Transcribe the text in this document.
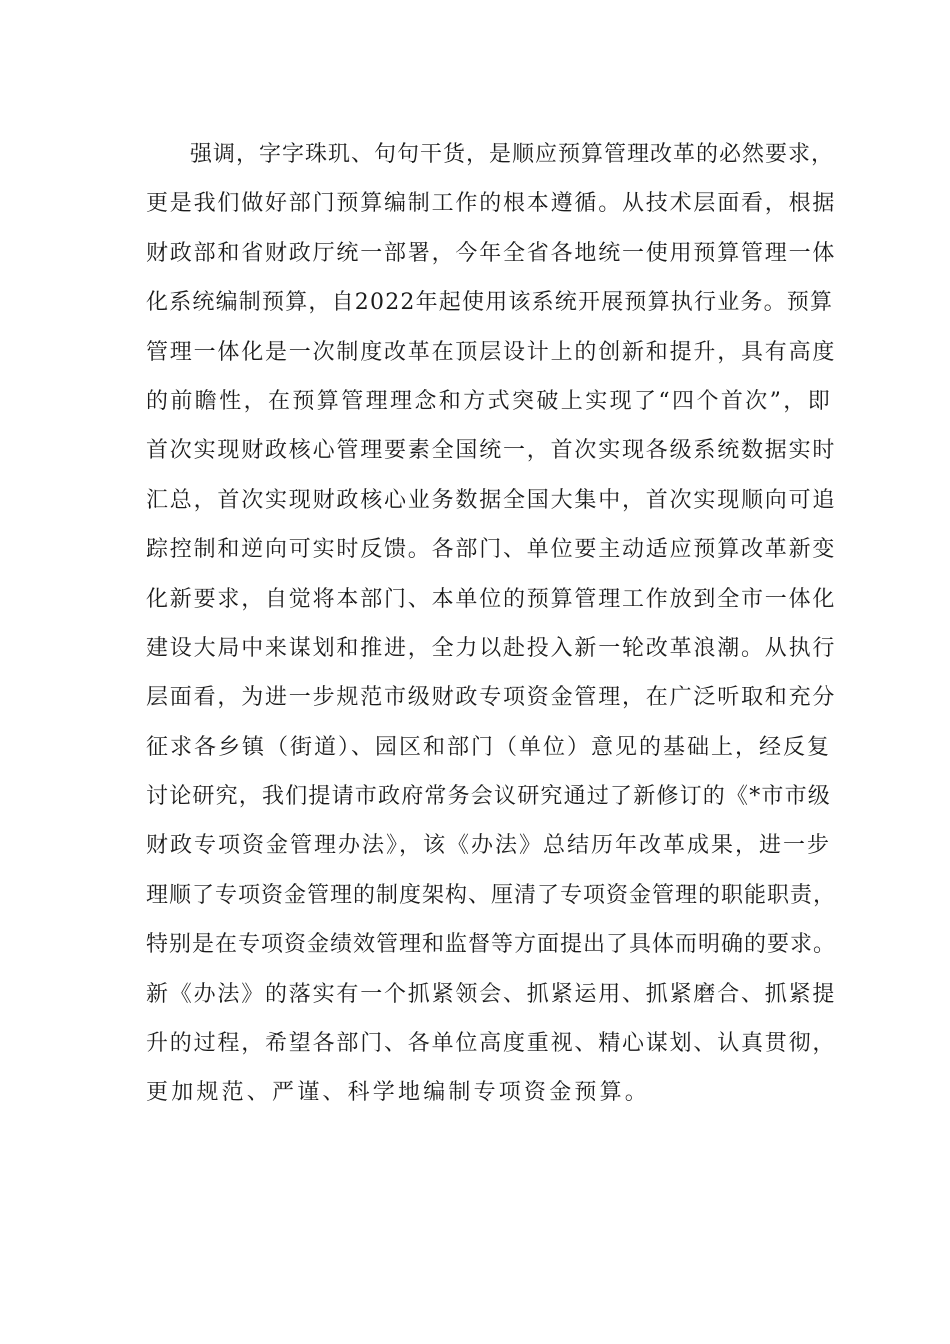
强调，字字珠玑、句句干货，是顺应预算管理改革的必然要求，
更是我们做好部门预算编制工作的根本遵循。从技术层面看，根据
财政部和省财政厅统一部署，今年全省各地统一使用预算管理一体
化系统编制预算，自2022年起使用该系统开展预算执行业务。预算
管理一体化是一次制度改革在顶层设计上的创新和提升，具有高度
的前瞻性，在预算管理理念和方式突破上实现了“四个首次”，即
首次实现财政核心管理要素全国统一，首次实现各级系统数据实时
汇总，首次实现财政核心业务数据全国大集中，首次实现顺向可追
踪控制和逆向可实时反馈。各部门、单位要主动适应预算改革新变
化新要求，自觉将本部门、本单位的预算管理工作放到全市一体化
建设大局中来谋划和推进，全力以赴投入新一轮改革浪潮。从执行
层面看，为进一步规范市级财政专项资金管理，在广泛听取和充分
征求各乡镇（街道）、园区和部门（单位）意见的基础上，经反复
讨论研究，我们提请市政府常务会议研究通过了新修订的《*市市级
财政专项资金管理办法》，该《办法》总结历年改革成果，进一步
理顺了专项资金管理的制度架构、厘清了专项资金管理的职能职责，
特别是在专项资金绩效管理和监督等方面提出了具体而明确的要求。
新《办法》的落实有一个抓紧领会、抓紧运用、抓紧磨合、抓紧提
升的过程，希望各部门、各单位高度重视、精心谋划、认真贯彻，
更加规范、严谨、科学地编制专项资金预算。
